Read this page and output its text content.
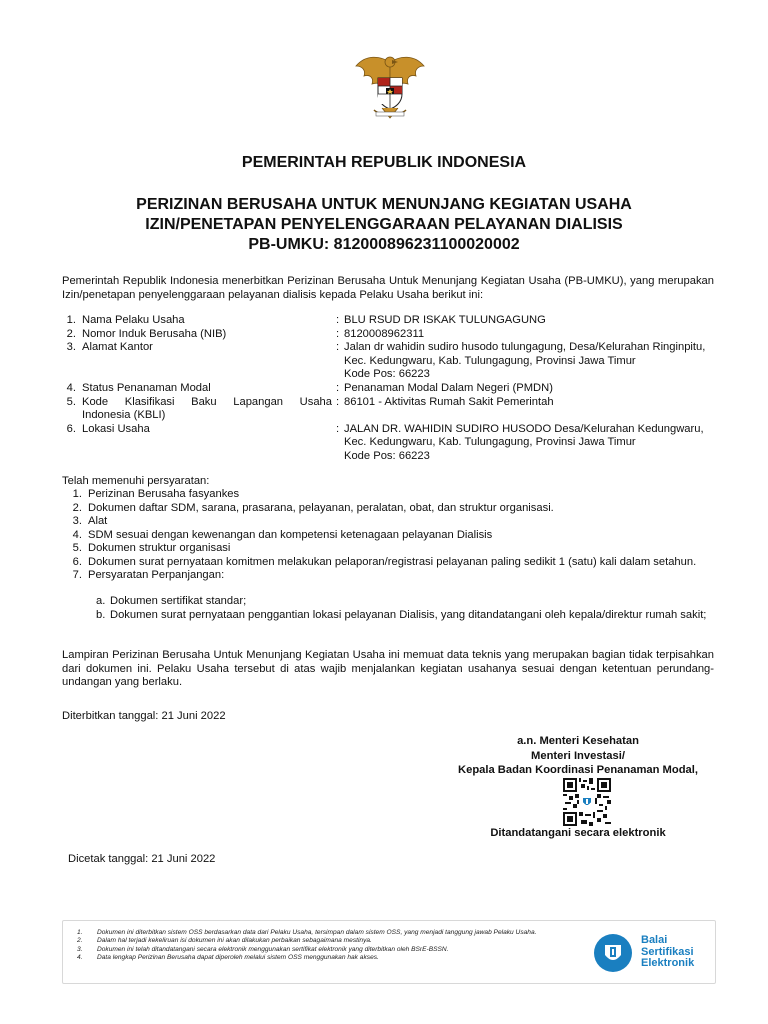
PEMERINTAH REPUBLIK INDONESIA
PERIZINAN BERUSAHA UNTUK MENUNJANG KEGIATAN USAHA
IZIN/PENETAPAN PENYELENGGARAAN PELAYANAN DIALISIS
PB-UMKU: 812000896231100020002
Pemerintah Republik Indonesia menerbitkan Perizinan Berusaha Untuk Menunjang Kegiatan Usaha (PB-UMKU), yang merupakan Izin/penetapan penyelenggaraan pelayanan dialisis kepada Pelaku Usaha berikut ini:
1. Nama Pelaku Usaha	: BLU RSUD DR ISKAK TULUNGAGUNG
2. Nomor Induk Berusaha (NIB)	: 8120008962311
3. Alamat Kantor	: Jalan dr wahidin sudiro husodo tulungagung, Desa/Kelurahan Ringinpitu,
Kec. Kedungwaru, Kab. Tulungagung, Provinsi Jawa Timur
Kode Pos: 66223
4. Status Penanaman Modal	: Penanaman Modal Dalam Negeri (PMDN)
5. Kode Klasifikasi Baku Lapangan Usaha
Indonesia (KBLI)
: 86101 - Aktivitas Rumah Sakit Pemerintah
6. Lokasi Usaha	: JALAN DR. WAHIDIN SUDIRO HUSODO Desa/Kelurahan Kedungwaru,
Kec. Kedungwaru, Kab. Tulungagung, Provinsi Jawa Timur
Kode Pos: 66223
Telah memenuhi persyaratan:
1. Perizinan Berusaha fasyankes
2. Dokumen daftar SDM, sarana, prasarana, pelayanan, peralatan, obat, dan struktur organisasi.
3. Alat
4. SDM sesuai dengan kewenangan dan kompetensi ketenagaan pelayanan Dialisis
5. Dokumen struktur organisasi
6. Dokumen surat pernyataan komitmen melakukan pelaporan/registrasi pelayanan paling sedikit 1 (satu) kali dalam setahun.
7. Persyaratan Perpanjangan:
a. Dokumen sertifikat standar;
b. Dokumen surat pernyataan penggantian lokasi pelayanan Dialisis, yang ditandatangani oleh kepala/direktur rumah sakit;
Lampiran Perizinan Berusaha Untuk Menunjang Kegiatan Usaha ini memuat data teknis yang merupakan bagian tidak terpisahkan dari dokumen ini. Pelaku Usaha tersebut di atas wajib menjalankan kegiatan usahanya sesuai dengan ketentuan perundang-undangan yang berlaku.
Diterbitkan tanggal: 21 Juni 2022
a.n. Menteri Kesehatan
Menteri Investasi/
Kepala Badan Koordinasi Penanaman Modal,
Ditandatangani secara elektronik
Dicetak tanggal: 21 Juni 2022
1.	Dokumen ini diterbitkan sistem OSS berdasarkan data dari Pelaku Usaha, tersimpan dalam sistem OSS, yang menjadi tanggung jawab Pelaku Usaha.
2.	Dalam hal terjadi kekeliruan isi dokumen ini akan dilakukan perbaikan sebagaimana mestinya.
3.	Dokumen ini telah ditandatangani secara elektronik menggunakan sertifikat elektronik yang diterbitkan oleh BSrE-BSSN.
4.	Data lengkap Perizinan Berusaha dapat diperoleh melalui sistem OSS menggunakan hak akses.
Balai
Sertifikasi
Elektronik
